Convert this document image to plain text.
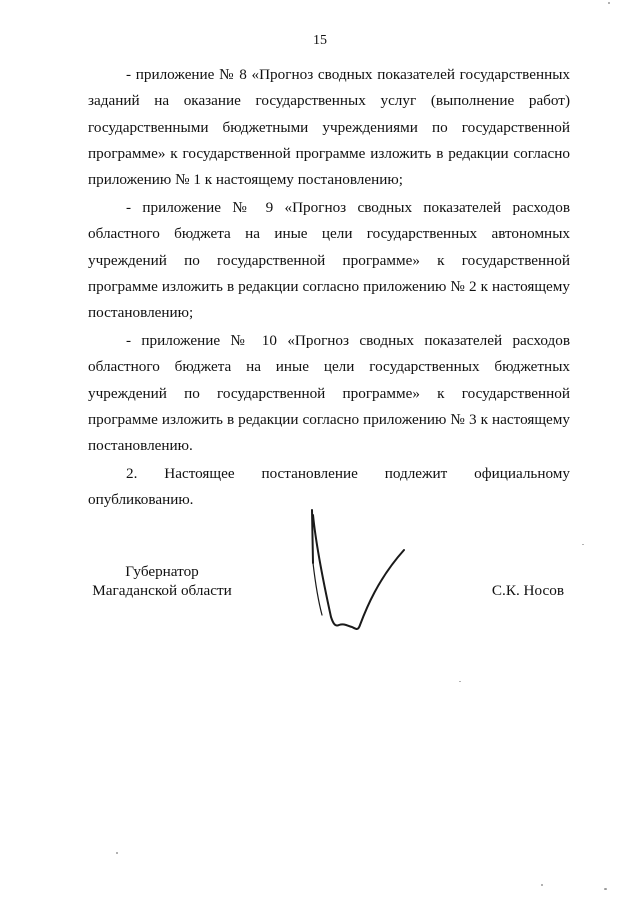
15

- приложение № 8 «Прогноз сводных показателей государственных заданий на оказание государственных услуг (выполнение работ) государственными бюджетными учреждениями по государственной программе» к государственной программе изложить в редакции согласно приложению № 1 к настоящему постановлению;

- приложение № 9 «Прогноз сводных показателей расходов областного бюджета на иные цели государственных автономных учреждений по государственной программе» к государственной программе изложить в редакции согласно приложению № 2 к настоящему постановлению;

- приложение № 10 «Прогноз сводных показателей расходов областного бюджета на иные цели государственных бюджетных учреждений по государственной программе» к государственной программе изложить в редакции согласно приложению № 3 к настоящему постановлению.

2. Настоящее постановление подлежит официальному опубликованию.

Губернатор
Магаданской области	С.К. Носов
